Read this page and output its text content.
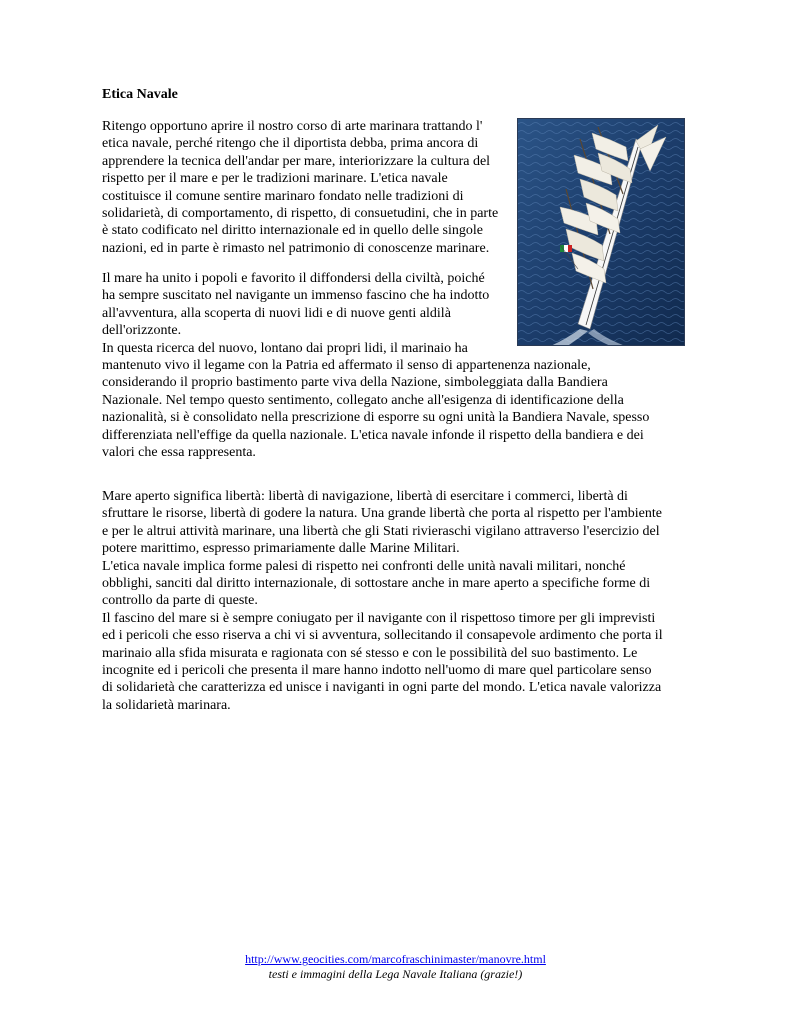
Etica Navale
Ritengo opportuno aprire il nostro corso di arte marinara trattando l'
etica navale, perché ritengo che il diportista debba, prima ancora di
apprendere la tecnica dell'andar per mare, interiorizzare la cultura del
rispetto per il mare e per le tradizioni marinare. L'etica navale
costituisce il comune sentire marinaro fondato nelle tradizioni di
solidarietà, di comportamento, di rispetto, di consuetudini, che in parte
è stato codificato nel diritto internazionale ed in quello delle singole
nazioni, ed in parte è rimasto nel patrimonio di conoscenze marinare.
Il mare ha unito i popoli e favorito il diffondersi della civiltà, poiché
ha sempre suscitato nel navigante un immenso fascino che ha indotto
all'avventura, alla scoperta di nuovi lidi e di nuove genti aldilà
dell'orizzonte.
In questa ricerca del nuovo, lontano dai propri lidi, il marinaio ha
mantenuto vivo il legame con la Patria ed affermato il senso di appartenenza nazionale,
considerando il proprio bastimento parte viva della Nazione, simboleggiata dalla Bandiera
Nazionale. Nel tempo questo sentimento, collegato anche all'esigenza di identificazione della
nazionalità, si è consolidato nella prescrizione di esporre su ogni unità la Bandiera Navale, spesso
differenziata nell'effige da quella nazionale. L'etica navale infonde il rispetto della bandiera e dei
valori che essa rappresenta.
Mare aperto significa libertà: libertà di navigazione, libertà di esercitare i commerci, libertà di
sfruttare le risorse, libertà di godere la natura. Una grande libertà che porta al rispetto per l'ambiente
e per le altrui attività marinare, una libertà che gli Stati rivieraschi vigilano attraverso l'esercizio del
potere marittimo, espresso primariamente dalle Marine Militari.
L'etica navale implica forme palesi di rispetto nei confronti delle unità navali militari, nonché
obblighi, sanciti dal diritto internazionale, di sottostare anche in mare aperto a specifiche forme di
controllo da parte di queste.
Il fascino del mare si è sempre coniugato per il navigante con il rispettoso timore per gli imprevisti
ed i pericoli che esso riserva a chi vi si avventura, sollecitando il consapevole ardimento che porta il
marinaio alla sfida misurata e ragionata con sé stesso e con le possibilità del suo bastimento. Le
incognite ed i pericoli che presenta il mare hanno indotto nell'uomo di mare quel particolare senso
di solidarietà che caratterizza ed unisce i naviganti in ogni parte del mondo. L'etica navale valorizza
la solidarietà marinara.
http://www.geocities.com/marcofraschinimaster/manovre.html
testi e immagini della Lega Navale Italiana (grazie!)
